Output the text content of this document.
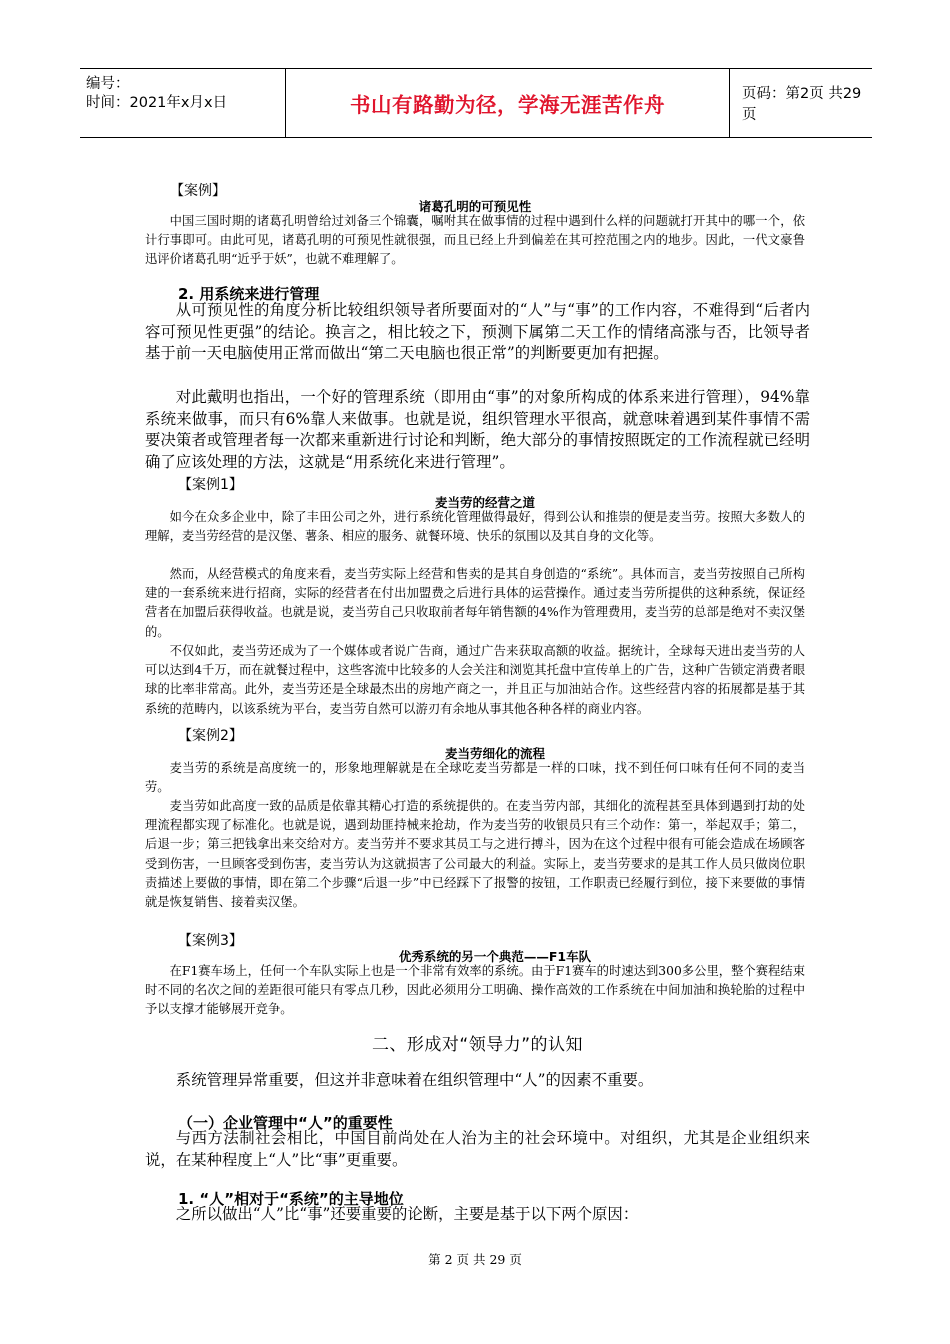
编号：
时间：2021年x月x日	书山有路勤为径，学海无涯苦作舟	页码：第2页 共29页
【案例】
诸葛孔明的可预见性

中国三国时期的诸葛孔明曾给过刘备三个锦囊，嘱咐其在做事情的过程中遇到什么样的问题就打开其中的哪一个，依计行事即可。由此可见，诸葛孔明的可预见性就很强，而且已经上升到偏差在其可控范围之内的地步。因此，一代文豪鲁迅评价诸葛孔明“近乎于妖”，也就不难理解了。

2. 用系统来进行管理

从可预见性的角度分析比较组织领导者所要面对的“人”与“事”的工作内容，不难得到“后者内容可预见性更强”的结论。换言之，相比较之下，预测下属第二天工作的情绪高涨与否，比领导者基于前一天电脑使用正常而做出“第二天电脑也很正常”的判断要更加有把握。

对此戴明也指出，一个好的管理系统（即用由“事”的对象所构成的体系来进行管理），94%靠系统来做事，而只有6%靠人来做事。也就是说，组织管理水平很高，就意味着遇到某件事情不需要决策者或管理者每一次都来重新进行讨论和判断，绝大部分的事情按照既定的工作流程就已经明确了应该处理的方法，这就是“用系统化来进行管理”。

【案例1】
麦当劳的经营之道

如今在众多企业中，除了丰田公司之外，进行系统化管理做得最好，得到公认和推崇的便是麦当劳。按照大多数人的理解，麦当劳经营的是汉堡、薯条、相应的服务、就餐环境、快乐的氛围以及其自身的文化等。

然而，从经营模式的角度来看，麦当劳实际上经营和售卖的是其自身创造的“系统”。具体而言，麦当劳按照自己所构建的一套系统来进行招商，实际的经营者在付出加盟费之后进行具体的运营操作。通过麦当劳所提供的这种系统，保证经营者在加盟后获得收益。也就是说，麦当劳自己只收取前者每年销售额的4%作为管理费用，麦当劳的总部是绝对不卖汉堡的。

不仅如此，麦当劳还成为了一个媒体或者说广告商，通过广告来获取高额的收益。据统计，全球每天进出麦当劳的人可以达到4千万，而在就餐过程中，这些客流中比较多的人会关注和浏览其托盘中宣传单上的广告，这种广告锁定消费者眼球的比率非常高。此外，麦当劳还是全球最杰出的房地产商之一，并且正与加油站合作。这些经营内容的拓展都是基于其系统的范畴内，以该系统为平台，麦当劳自然可以游刃有余地从事其他各种各样的商业内容。

【案例2】
麦当劳细化的流程

麦当劳的系统是高度统一的，形象地理解就是在全球吃麦当劳都是一样的口味，找不到任何口味有任何不同的麦当劳。

麦当劳如此高度一致的品质是依靠其精心打造的系统提供的。在麦当劳内部，其细化的流程甚至具体到遇到打劫的处理流程都实现了标准化。也就是说，遇到劫匪持械来抢劫，作为麦当劳的收银员只有三个动作：第一，举起双手；第二，后退一步；第三把钱拿出来交给对方。麦当劳并不要求其员工与之进行搏斗，因为在这个过程中很有可能会造成在场顾客受到伤害，一旦顾客受到伤害，麦当劳认为这就损害了公司最大的利益。实际上，麦当劳要求的是其工作人员只做岗位职责描述上要做的事情，即在第二个步骤“后退一步”中已经踩下了报警的按钮，工作职责已经履行到位，接下来要做的事情就是恢复销售、接着卖汉堡。

【案例3】
优秀系统的另一个典范——F1车队

在F1赛车场上，任何一个车队实际上也是一个非常有效率的系统。由于F1赛车的时速达到300多公里，整个赛程结束时不同的名次之间的差距很可能只有零点几秒，因此必须用分工明确、操作高效的工作系统在中间加油和换轮胎的过程中予以支撑才能够展开竞争。

二、形成对“领导力”的认知

系统管理异常重要，但这并非意味着在组织管理中“人”的因素不重要。

（一）企业管理中“人”的重要性

与西方法制社会相比，中国目前尚处在人治为主的社会环境中。对组织，尤其是企业组织来说，在某种程度上“人”比“事”更重要。

1. “人”相对于“系统”的主导地位

之所以做出“人”比“事”还要重要的论断，主要是基于以下两个原因：

第 2 页 共 29 页
